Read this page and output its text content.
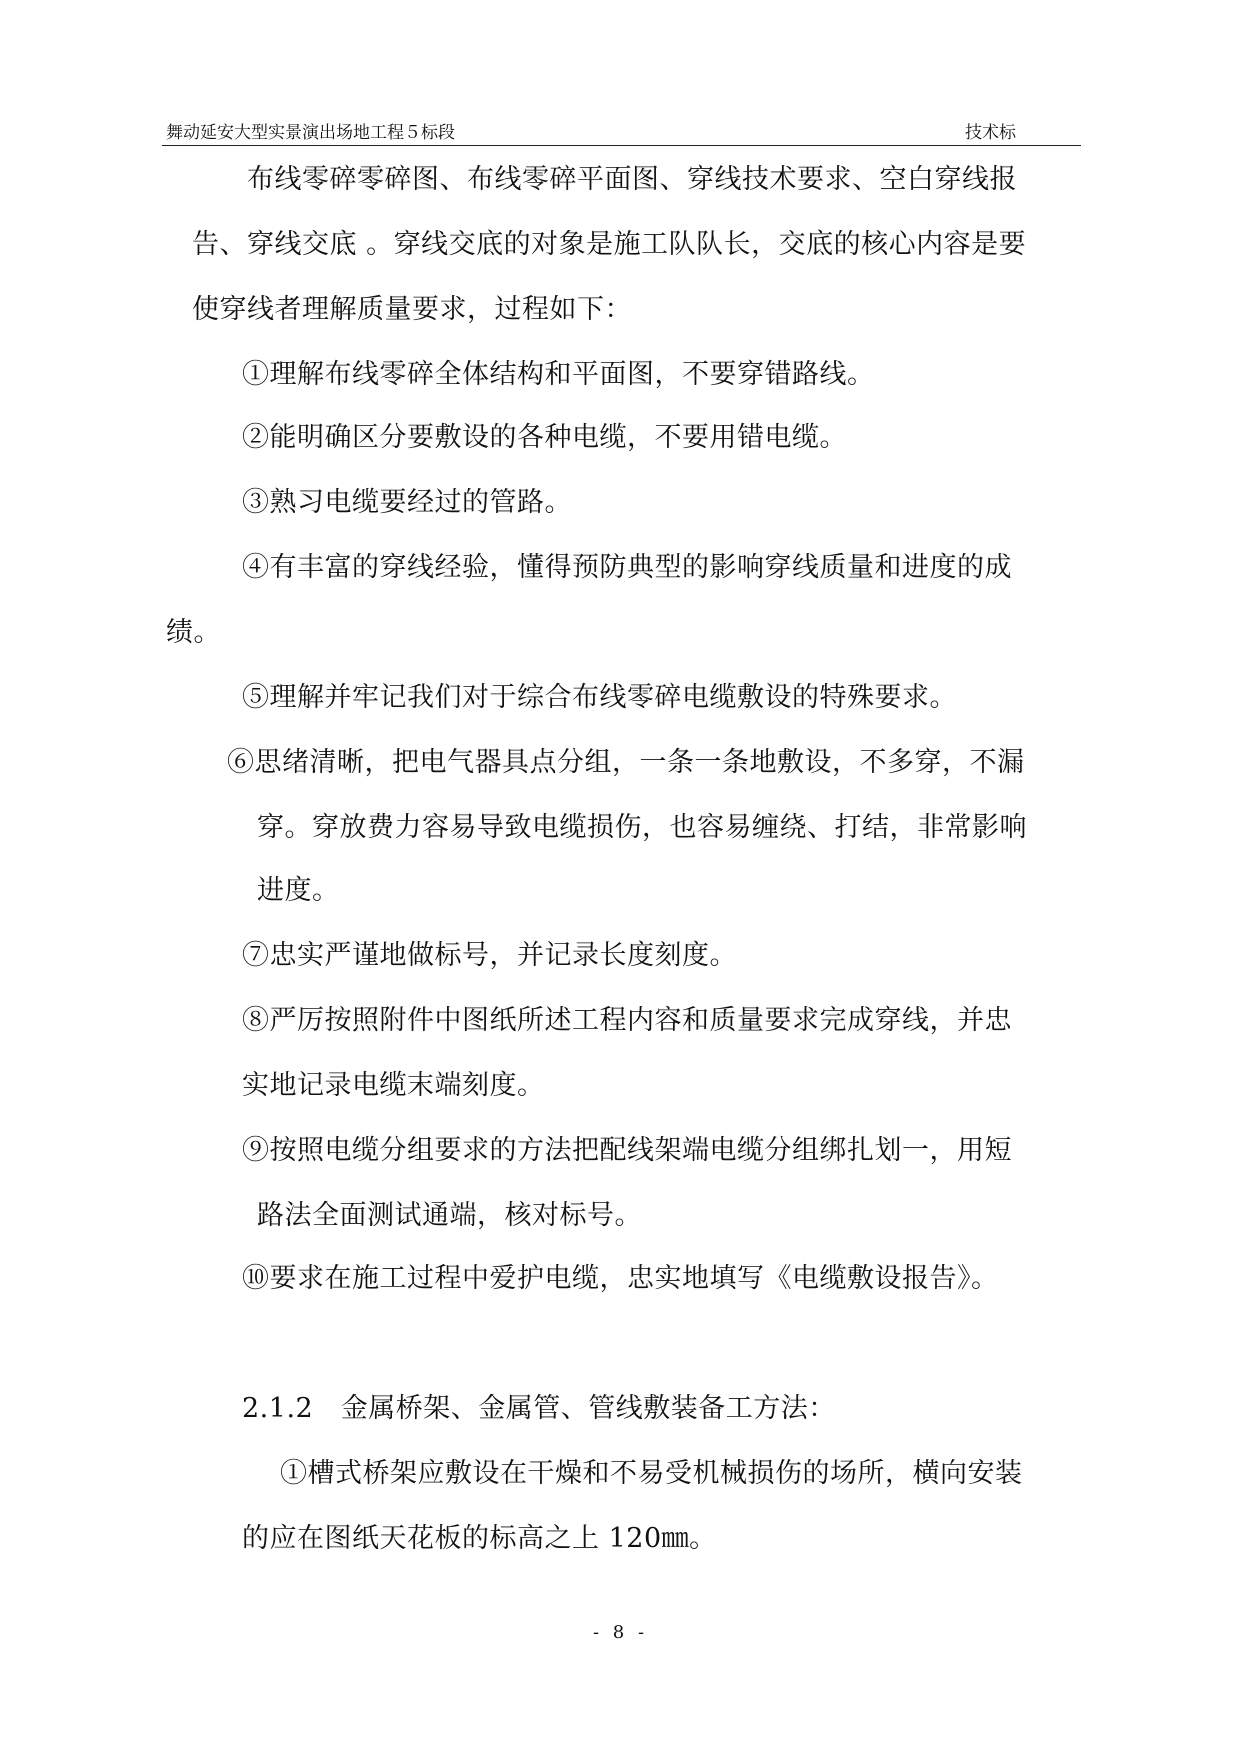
舞动延安大型实景演出场地工程５标段	技术标
布线零碎零碎图、布线零碎平面图、穿线技术要求、空白穿线报
告、穿线交底 。穿线交底的对象是施工队队长，交底的核心内容是要
使穿线者理解质量要求，过程如下：
①理解布线零碎全体结构和平面图，不要穿错路线。
②能明确区分要敷设的各种电缆，不要用错电缆。
③熟习电缆要经过的管路。
④有丰富的穿线经验，懂得预防典型的影响穿线质量和进度的成
绩。
⑤理解并牢记我们对于综合布线零碎电缆敷设的特殊要求。
⑥思绪清晰，把电气器具点分组，一条一条地敷设，不多穿，不漏
穿。穿放费力容易导致电缆损伤，也容易缠绕、打结，非常影响
进度。
⑦忠实严谨地做标号，并记录长度刻度。
⑧严厉按照附件中图纸所述工程内容和质量要求完成穿线，并忠
实地记录电缆末端刻度。
⑨按照电缆分组要求的方法把配线架端电缆分组绑扎划一，用短
路法全面测试通端，核对标号。
⑩要求在施工过程中爱护电缆，忠实地填写《电缆敷设报告》。
2.1.2　金属桥架、金属管、管线敷装备工方法：
①槽式桥架应敷设在干燥和不易受机械损伤的场所，横向安装
的应在图纸天花板的标高之上 120㎜。
- 8 -
